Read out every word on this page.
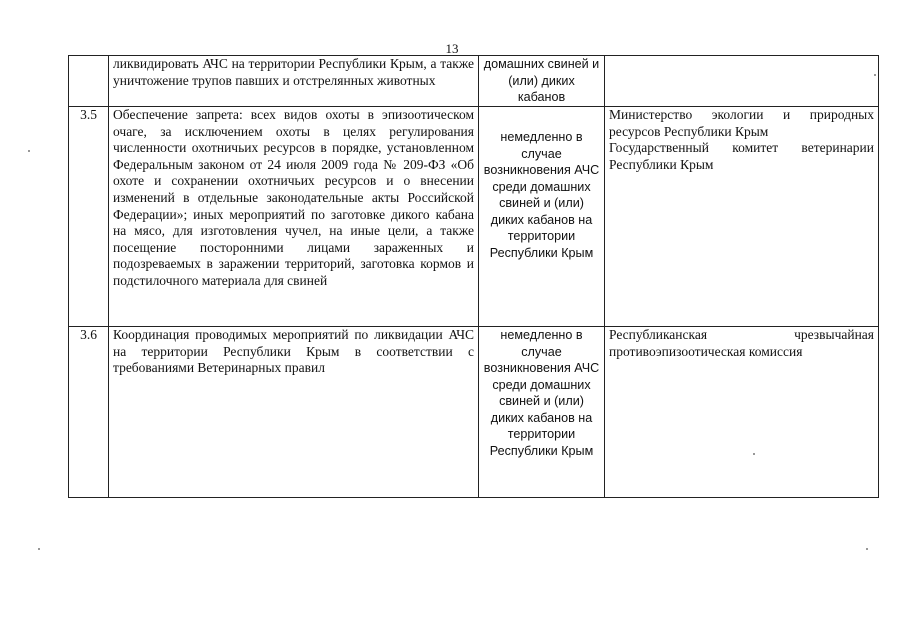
13
	ликвидировать АЧС на территории Республики Крым, а также уничтожение трупов павших и отстрелянных животных	домашних свиней и (или) диких кабанов	
3.5	Обеспечение запрета: всех видов охоты в эпизоотическом очаге, за исключением охоты в целях регулирования численности охотничьих ресурсов в порядке, установленном Федеральным законом от 24 июля 2009 года № 209-ФЗ «Об охоте и сохранении охотничьих ресурсов и о внесении изменений в отдельные законодательные акты Российской Федерации»; иных мероприятий по заготовке дикого кабана на мясо, для изготовления чучел, на иные цели, а также посещение посторонними лицами зараженных и подозреваемых в заражении территорий, заготовка кормов и подстилочного материала для свиней	немедленно в случае возникновения АЧС среди домашних свиней и (или) диких кабанов на территории Республики Крым	Министерство экологии и природных ресурсов Республики Крым
Государственный комитет ветеринарии Республики Крым

3.6	Координация проводимых мероприятий по ликвидации АЧС на территории Республики Крым в соответствии с требованиями Ветеринарных правил	немедленно в случае возникновения АЧС среди домашних свиней и (или) диких кабанов на территории Республики Крым	Республиканская чрезвычайная противоэпизоотическая комиссия
